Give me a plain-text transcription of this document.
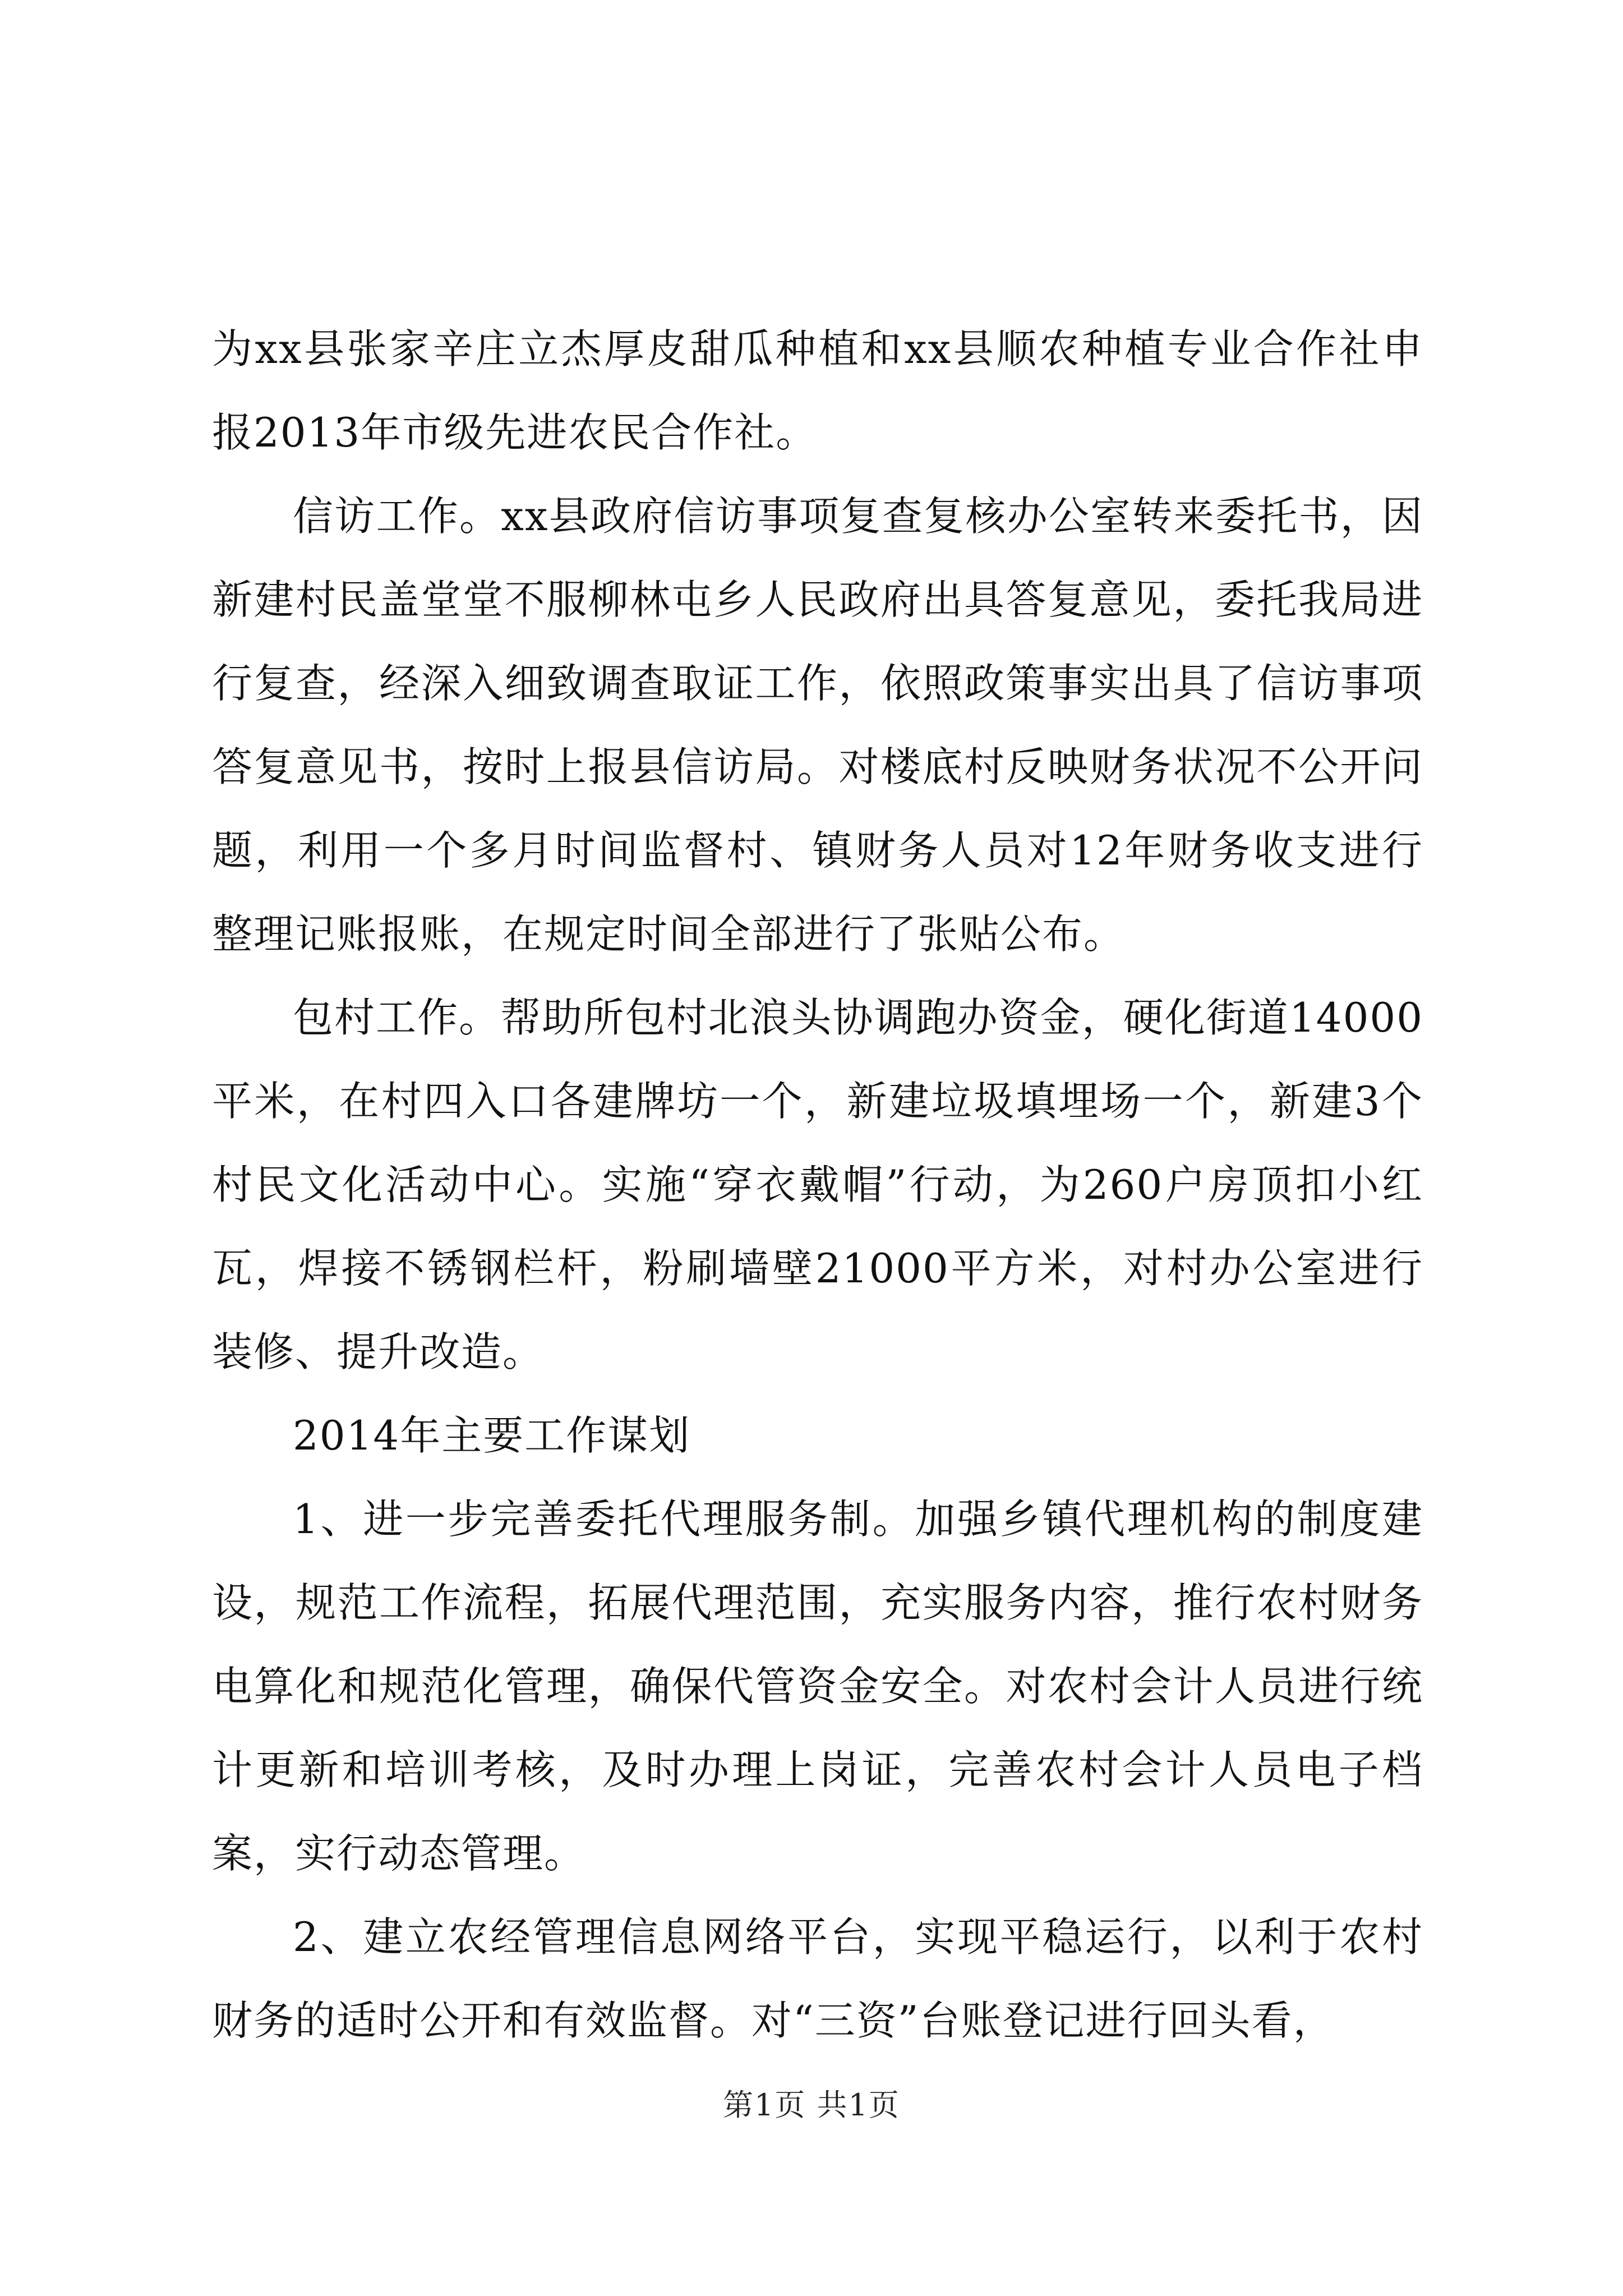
为xx县张家辛庄立杰厚皮甜瓜种植和xx县顺农种植专业合作社申报2013年市级先进农民合作社。

信访工作。xx县政府信访事项复查复核办公室转来委托书，因新建村民盖堂堂不服柳林屯乡人民政府出具答复意见，委托我局进行复查，经深入细致调查取证工作，依照政策事实出具了信访事项答复意见书，按时上报县信访局。对楼底村反映财务状况不公开问题，利用一个多月时间监督村、镇财务人员对12年财务收支进行整理记账报账，在规定时间全部进行了张贴公布。

包村工作。帮助所包村北浪头协调跑办资金，硬化街道14000平米，在村四入口各建牌坊一个，新建垃圾填埋场一个，新建3个村民文化活动中心。实施“穿衣戴帽”行动，为260户房顶扣小红瓦，焊接不锈钢栏杆，粉刷墙壁21000平方米，对村办公室进行装修、提升改造。

2014年主要工作谋划

1、进一步完善委托代理服务制。加强乡镇代理机构的制度建设，规范工作流程，拓展代理范围，充实服务内容，推行农村财务电算化和规范化管理，确保代管资金安全。对农村会计人员进行统计更新和培训考核，及时办理上岗证，完善农村会计人员电子档案，实行动态管理。

2、建立农经管理信息网络平台，实现平稳运行，以利于农村财务的适时公开和有效监督。对“三资”台账登记进行回头看，

第1页 共1页
